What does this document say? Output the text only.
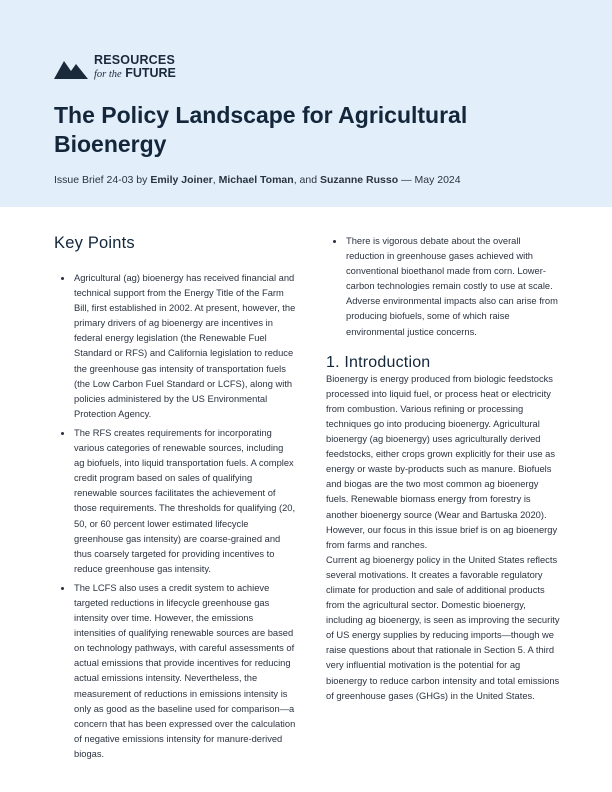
RESOURCES
for the FUTURE
The Policy Landscape for Agricultural Bioenergy
Issue Brief 24-03 by Emily Joiner, Michael Toman, and Suzanne Russo — May 2024
Key Points
Agricultural (ag) bioenergy has received financial and technical support from the Energy Title of the Farm Bill, first established in 2002. At present, however, the primary drivers of ag bioenergy are incentives in federal energy legislation (the Renewable Fuel Standard or RFS) and California legislation to reduce the greenhouse gas intensity of transportation fuels (the Low Carbon Fuel Standard or LCFS), along with policies administered by the US Environmental Protection Agency.
The RFS creates requirements for incorporating various categories of renewable sources, including ag biofuels, into liquid transportation fuels. A complex credit program based on sales of qualifying renewable sources facilitates the achievement of those requirements. The thresholds for qualifying (20, 50, or 60 percent lower estimated lifecycle greenhouse gas intensity) are coarse-grained and thus coarsely targeted for providing incentives to reduce greenhouse gas intensity.
The LCFS also uses a credit system to achieve targeted reductions in lifecycle greenhouse gas intensity over time. However, the emissions intensities of qualifying renewable sources are based on technology pathways, with careful assessments of actual emissions that provide incentives for reducing actual emissions intensity. Nevertheless, the measurement of reductions in emissions intensity is only as good as the baseline used for comparison—a concern that has been expressed over the calculation of negative emissions intensity for manure-derived biogas.
There is vigorous debate about the overall reduction in greenhouse gases achieved with conventional bioethanol made from corn. Lower-carbon technologies remain costly to use at scale. Adverse environmental impacts also can arise from producing biofuels, some of which raise environmental justice concerns.
1. Introduction

Bioenergy is energy produced from biologic feedstocks processed into liquid fuel, or process heat or electricity from combustion. Various refining or processing techniques go into producing bioenergy. Agricultural bioenergy (ag bioenergy) uses agriculturally derived feedstocks, either crops grown explicitly for their use as energy or waste by-products such as manure. Biofuels and biogas are the two most common ag bioenergy fuels. Renewable biomass energy from forestry is another bioenergy source (Wear and Bartuska 2020). However, our focus in this issue brief is on ag bioenergy from farms and ranches.

Current ag bioenergy policy in the United States reflects several motivations. It creates a favorable regulatory climate for production and sale of additional products from the agricultural sector. Domestic bioenergy, including ag bioenergy, is seen as improving the security of US energy supplies by reducing imports—though we raise questions about that rationale in Section 5. A third very influential motivation is the potential for ag bioenergy to reduce carbon intensity and total emissions of greenhouse gases (GHGs) in the United States.
